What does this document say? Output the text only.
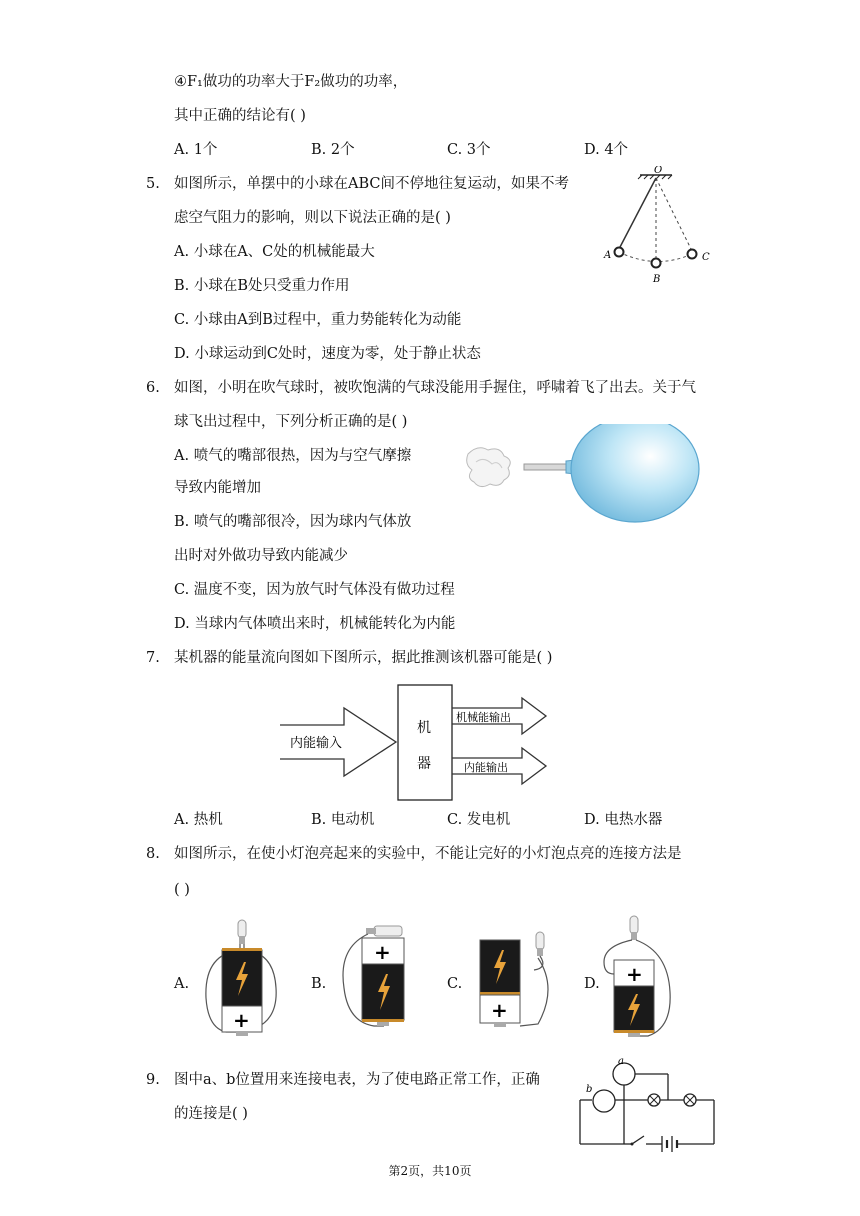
④F₁做功的功率大于F₂做功的功率，
其中正确的结论有( )
A. 1个	B. 2个	C. 3个	D. 4个
5. 如图所示，单摆中的小球在ABC间不停地往复运动，如果不考
虑空气阻力的影响，则以下说法正确的是( )
A. 小球在A、C处的机械能最大
B. 小球在B处只受重力作用
C. 小球由A到B过程中，重力势能转化为动能
D. 小球运动到C处时，速度为零，处于静止状态
O
A
B
C
6. 如图，小明在吹气球时，被吹饱满的气球没能用手握住，呼啸着飞了出去。关于气
球飞出过程中，下列分析正确的是( )
A. 喷气的嘴部很热，因为与空气摩擦
导致内能增加
B. 喷气的嘴部很冷，因为球内气体放
出时对外做功导致内能减少
C. 温度不变，因为放气时气体没有做功过程
D. 当球内气体喷出来时，机械能转化为内能
7. 某机器的能量流向图如下图所示，据此推测该机器可能是( )
内能输入
机
器
机械能输出
内能输出
A. 热机	B. 电动机	C. 发电机	D. 电热水器
8. 如图所示，在使小灯泡亮起来的实验中，不能让完好的小灯泡点亮的连接方法是
( )
A.	B.	C.	D.
+
+
+
+
9. 图中a、b位置用来连接电表，为了使电路正常工作，正确
的连接是( )
b
a
第2页，共10页
